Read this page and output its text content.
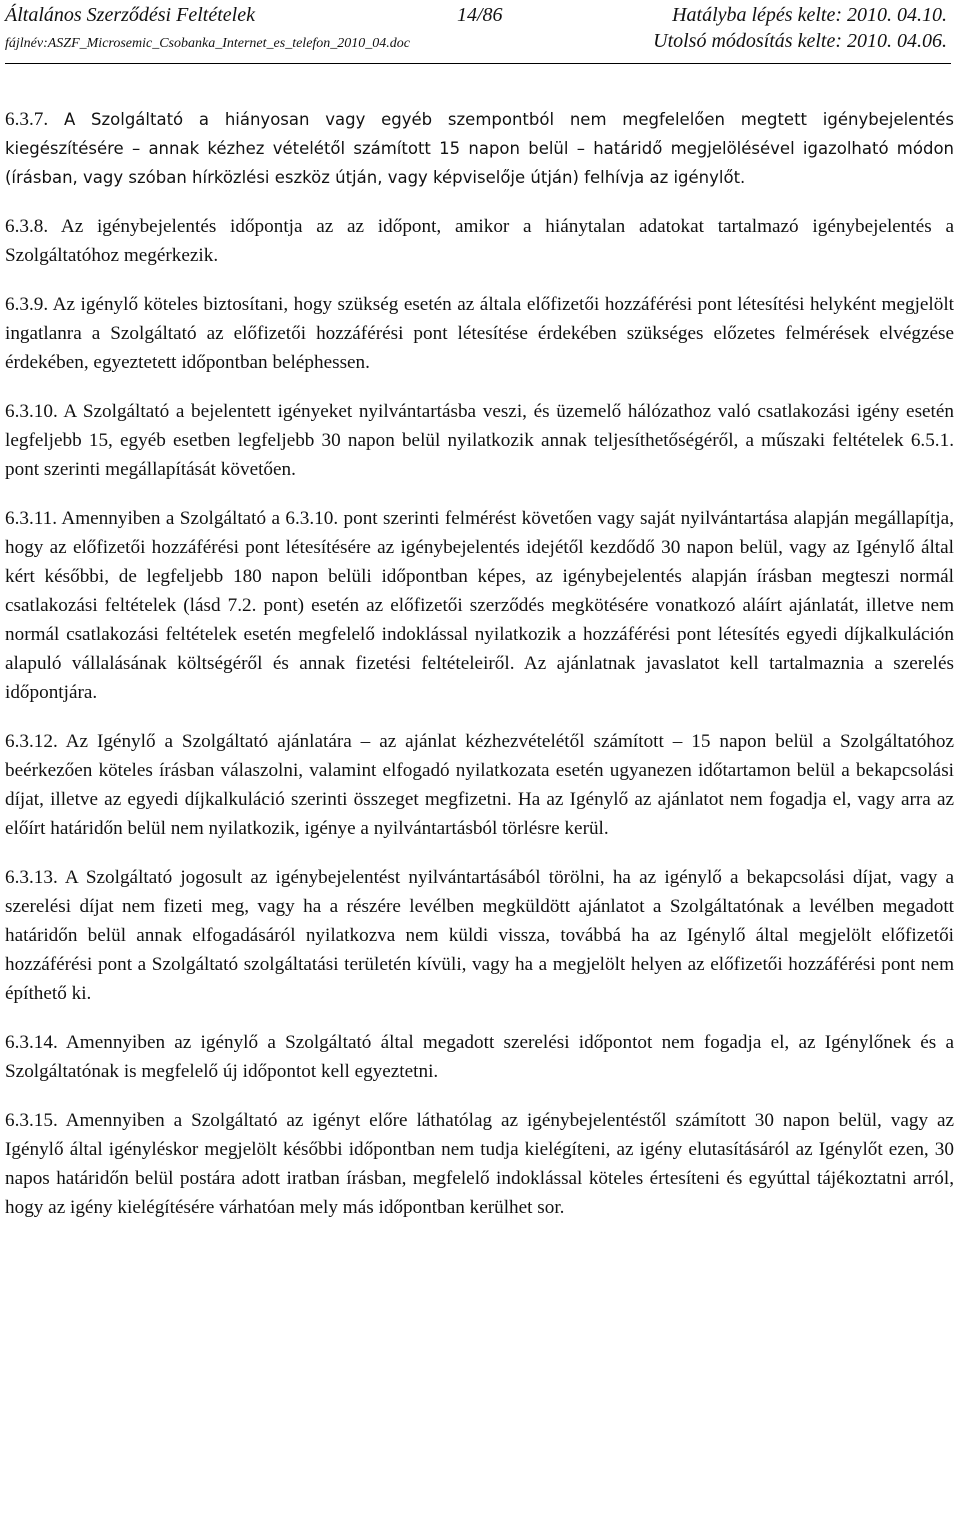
Általános Szerződési Feltételek	14/86	Hatályba lépés kelte: 2010. 04.10.
fájlnév:ASZF_Microsemic_Csobanka_Internet_es_telefon_2010_04.doc	Utolsó módosítás kelte: 2010. 04.06.

6.3.7. A Szolgáltató a hiányosan vagy egyéb szempontból nem megfelelően megtett igénybejelentés kiegészítésére – annak kézhez vételétől számított 15 napon belül – határidő megjelölésével igazolható módon (írásban, vagy szóban hírközlési eszköz útján, vagy képviselője útján) felhívja az igénylőt.

6.3.8. Az igénybejelentés időpontja az az időpont, amikor a hiánytalan adatokat tartalmazó igénybejelentés a Szolgáltatóhoz megérkezik.

6.3.9. Az igénylő köteles biztosítani, hogy szükség esetén az általa előfizetői hozzáférési pont létesítési helyként megjelölt ingatlanra a Szolgáltató az előfizetői hozzáférési pont létesítése érdekében szükséges előzetes felmérések elvégzése érdekében, egyeztetett időpontban beléphessen.

6.3.10. A Szolgáltató a bejelentett igényeket nyilvántartásba veszi, és üzemelő hálózathoz való csatlakozási igény esetén legfeljebb 15, egyéb esetben legfeljebb 30 napon belül nyilatkozik annak teljesíthetőségéről, a műszaki feltételek 6.5.1. pont szerinti megállapítását követően.

6.3.11. Amennyiben a Szolgáltató a 6.3.10. pont szerinti felmérést követően vagy saját nyilvántartása alapján megállapítja, hogy az előfizetői hozzáférési pont létesítésére az igénybejelentés idejétől kezdődő 30 napon belül, vagy az Igénylő által kért későbbi, de legfeljebb 180 napon belüli időpontban képes, az igénybejelentés alapján írásban megteszi normál csatlakozási feltételek (lásd 7.2. pont) esetén az előfizetői szerződés megkötésére vonatkozó aláírt ajánlatát, illetve nem normál csatlakozási feltételek esetén megfelelő indoklással nyilatkozik a hozzáférési pont létesítés egyedi díjkalkuláción alapuló vállalásának költségéről és annak fizetési feltételeiről. Az ajánlatnak javaslatot kell tartalmaznia a szerelés időpontjára.

6.3.12. Az Igénylő a Szolgáltató ajánlatára – az ajánlat kézhezvételétől számított – 15 napon belül a Szolgáltatóhoz beérkezően köteles írásban válaszolni, valamint elfogadó nyilatkozata esetén ugyanezen időtartamon belül a bekapcsolási díjat, illetve az egyedi díjkalkuláció szerinti összeget megfizetni. Ha az Igénylő az ajánlatot nem fogadja el, vagy arra az előírt határidőn belül nem nyilatkozik, igénye a nyilvántartásból törlésre kerül.

6.3.13. A Szolgáltató jogosult az igénybejelentést nyilvántartásából törölni, ha az igénylő a bekapcsolási díjat, vagy a szerelési díjat nem fizeti meg, vagy ha a részére levélben megküldött ajánlatot a Szolgáltatónak a levélben megadott határidőn belül annak elfogadásáról nyilatkozva nem küldi vissza, továbbá ha az Igénylő által megjelölt előfizetői hozzáférési pont a Szolgáltató szolgáltatási területén kívüli, vagy ha a megjelölt helyen az előfizetői hozzáférési pont nem építhető ki.

6.3.14. Amennyiben az igénylő a Szolgáltató által megadott szerelési időpontot nem fogadja el, az Igénylőnek és a Szolgáltatónak is megfelelő új időpontot kell egyeztetni.

6.3.15. Amennyiben a Szolgáltató az igényt előre láthatólag az igénybejelentéstől számított 30 napon belül, vagy az Igénylő által igényléskor megjelölt későbbi időpontban nem tudja kielégíteni, az igény elutasításáról az Igénylőt ezen, 30 napos határidőn belül postára adott iratban írásban, megfelelő indoklással köteles értesíteni és egyúttal tájékoztatni arról, hogy az igény kielégítésére várhatóan mely más időpontban kerülhet sor.
